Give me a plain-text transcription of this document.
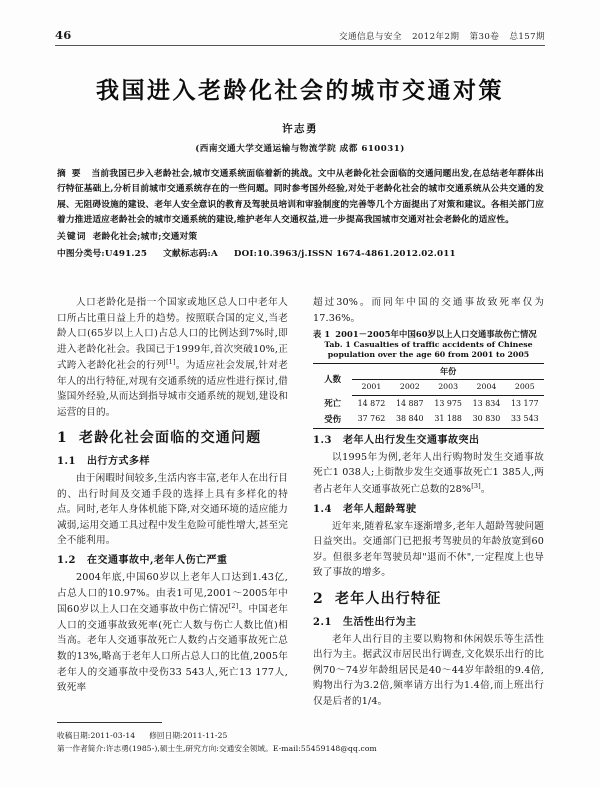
46	交通信息与安全 2012年2期 第30卷 总157期
我国进入老龄化社会的城市交通对策
许志勇
(西南交通大学交通运输与物流学院 成都 610031)
摘要 当前我国已步入老龄社会,城市交通系统面临着新的挑战。文中从老龄化社会面临的交通问题出发,在总结老年群体出行特征基础上,分析目前城市交通系统存在的一些问题。同时参考国外经验,对处于老龄化社会的城市交通系统从公共交通的发展、无阻碍设施的建设、老年人安全意识的教育及驾驶员培训和审验制度的完善等几个方面提出了对策和建议。各相关部门应着力推进适应老龄社会的城市交通系统的建设,维护老年人交通权益,进一步提高我国城市交通对社会老龄化的适应性。
关键词 老龄化社会;城市;交通对策
中图分类号:U491.25 文献标志码:A DOI:10.3963/j.ISSN 1674-4861.2012.02.011

人口老龄化是指一个国家或地区总人口中老年人口所占比重日益上升的趋势。按照联合国的定义,当老龄人口(65岁以上人口)占总人口的比例达到7%时,即进入老龄化社会。我国已于1999年,首次突破10%,正式跨入老龄化社会的行列[1]。为适应社会发展,针对老年人的出行特征,对现有交通系统的适应性进行探讨,借鉴国外经验,从而达到指导城市交通系统的规划,建设和运营的目的。

1 老龄化社会面临的交通问题
1.1 出行方式多样

由于闲暇时间较多,生活内容丰富,老年人在出行目的、出行时间及交通手段的选择上具有多样化的特点。同时,老年人身体机能下降,对交通环境的适应能力减弱,运用交通工具过程中发生危险可能性增大,甚至完全不能利用。

1.2 在交通事故中,老年人伤亡严重

2004年底,中国60岁以上老年人口达到1.43亿,占总人口的10.97%。由表1可见,2001～2005年中国60岁以上人口在交通事故中伤亡情况[2]。中国老年人口的交通事故致死率(死亡人数与伤亡人数比值)相当高。老年人交通事故死亡人数约占交通事故死亡总数的13%,略高于老年人口所占总人口的比值,2005年老年人的交通事故中受伤33 543人,死亡13 177人,致死率

超过30%。而同年中国的交通事故致死率仅为17.36%。

表 1 2001－2005年中国60岁以上人口交通事故伤亡情况
Tab. 1 Casualties of traffic accidents of Chinese
population over the age 60 from 2001 to 2005
人数	年份				
	2001	2002	2003	2004	2005
死亡	14 872	14 887	13 975	13 834	13 177
受伤	37 762	38 840	31 188	30 830	33 543
1.3 老年人出行发生交通事故突出

以1995年为例,老年人出行购物时发生交通事故死亡1 038人;上街散步发生交通事故死亡1 385人,两者占老年人交通事故死亡总数的28%[3]。

1.4 老年人超龄驾驶

近年来,随着私家车逐渐增多,老年人超龄驾驶问题日益突出。交通部门已把报考驾驶员的年龄放宽到60岁。但很多老年驾驶员却"退而不休",一定程度上也导致了事故的增多。

2 老年人出行特征
2.1 生活性出行为主

老年人出行目的主要以购物和休闲娱乐等生活性出行为主。据武汉市居民出行调查,文化娱乐出行的比例70～74岁年龄组居民是40～44岁年龄组的9.4倍,购物出行为3.2倍,频率请方出行为1.4倍,而上班出行仅是后者的1/4。

收稿日期:2011-03-14 修回日期:2011-11-25
第一作者简介:许志勇(1985-),硕士生,研究方向:交通安全领域。E-mail:55459148@qq.com
